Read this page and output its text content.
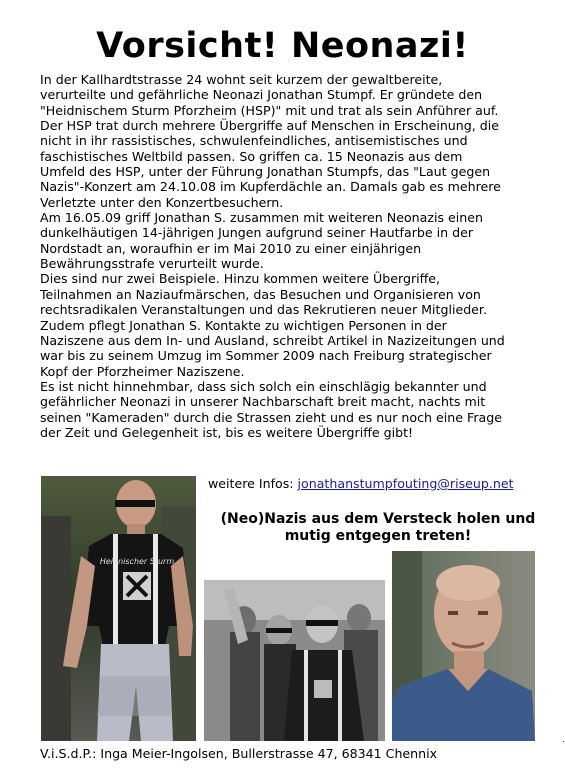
Vorsicht! Neonazi!
In der Kallhardtstrasse 24 wohnt seit kurzem der gewaltbereite,
verurteilte und gefährliche Neonazi Jonathan Stumpf. Er gründete den
"Heidnischem Sturm Pforzheim (HSP)" mit und trat als sein Anführer auf.
Der HSP trat durch mehrere Übergriffe auf Menschen in Erscheinung, die
nicht in ihr rassistisches, schwulenfeindliches, antisemistisches und
faschistisches Weltbild passen. So griffen ca. 15 Neonazis aus dem
Umfeld des HSP, unter der Führung Jonathan Stumpfs, das "Laut gegen
Nazis"-Konzert am 24.10.08 im Kupferdächle an. Damals gab es mehrere
Verletzte unter den Konzertbesuchern.
Am 16.05.09 griff Jonathan S. zusammen mit weiteren Neonazis einen
dunkelhäutigen 14-jährigen Jungen aufgrund seiner Hautfarbe in der
Nordstadt an, woraufhin er im Mai 2010 zu einer einjährigen
Bewährungsstrafe verurteilt wurde.
Dies sind nur zwei Beispiele. Hinzu kommen weitere Übergriffe,
Teilnahmen an Naziaufmärschen, das Besuchen und Organisieren von
rechtsradikalen Veranstaltungen und das Rekrutieren neuer Mitglieder.
Zudem pflegt Jonathan S. Kontakte zu wichtigen Personen in der
Naziszene aus dem In- und Ausland, schreibt Artikel in Nazizeitungen und
war bis zu seinem Umzug im Sommer 2009 nach Freiburg strategischer
Kopf der Pforzheimer Naziszene.
Es ist nicht hinnehmbar, dass sich solch ein einschlägig bekannter und
gefährlicher Neonazi in unserer Nachbarschaft breit macht, nachts mit
seinen "Kameraden" durch die Strassen zieht und es nur noch eine Frage
der Zeit und Gelegenheit ist, bis es weitere Übergriffe gibt!
Heidnischer Sturm
weitere Infos: jonathanstumpfouting@riseup.net
(Neo)Nazis aus dem Versteck holen und
mutig entgegen treten!
V.i.S.d.P.: Inga Meier-Ingolsen, Bullerstrasse 47, 68341 Chennix
